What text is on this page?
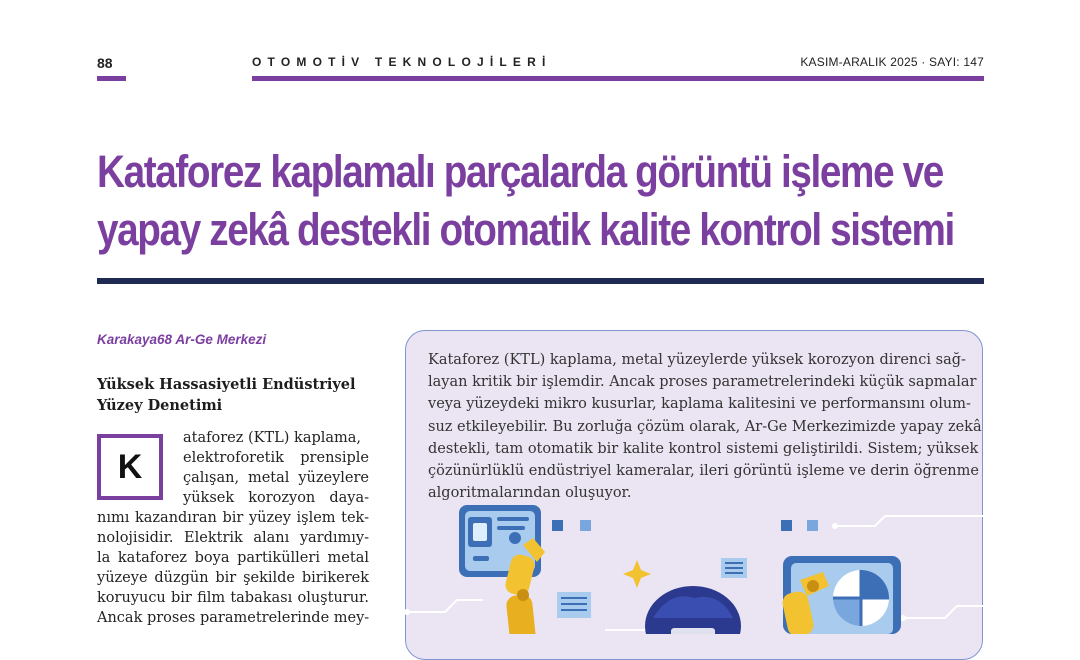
88	OTOMOTİV TEKNOLOJİLERİ	KASIM-ARALIK 2025 · SAYI: 147
Kataforez kaplamalı parçalarda görüntü işleme ve
yapay zekâ destekli otomatik kalite kontrol sistemi
Karakaya68 Ar-Ge Merkezi
Yüksek Hassasiyetli Endüstriyel
Yüzey Denetimi
K
ataforez (KTL) kaplama,
elektroforetik prensiple
çalışan, metal yüzeylere
yüksek korozyon daya-
nımı kazandıran bir yüzey işlem tek-
nolojisidir. Elektrik alanı yardımıy-
la kataforez boya partikülleri metal
yüzeye düzgün bir şekilde birikerek
koruyucu bir film tabakası oluşturur.
Ancak proses parametrelerinde mey-
Kataforez (KTL) kaplama, metal yüzeylerde yüksek korozyon direnci sağ-
layan kritik bir işlemdir. Ancak proses parametrelerindeki küçük sapmalar
veya yüzeydeki mikro kusurlar, kaplama kalitesini ve performansını olum-
suz etkileyebilir. Bu zorluğa çözüm olarak, Ar-Ge Merkezimizde yapay zekâ
destekli, tam otomatik bir kalite kontrol sistemi geliştirildi. Sistem; yüksek
çözünürlüklü endüstriyel kameralar, ileri görüntü işleme ve derin öğrenme
algoritmalarından oluşuyor.
